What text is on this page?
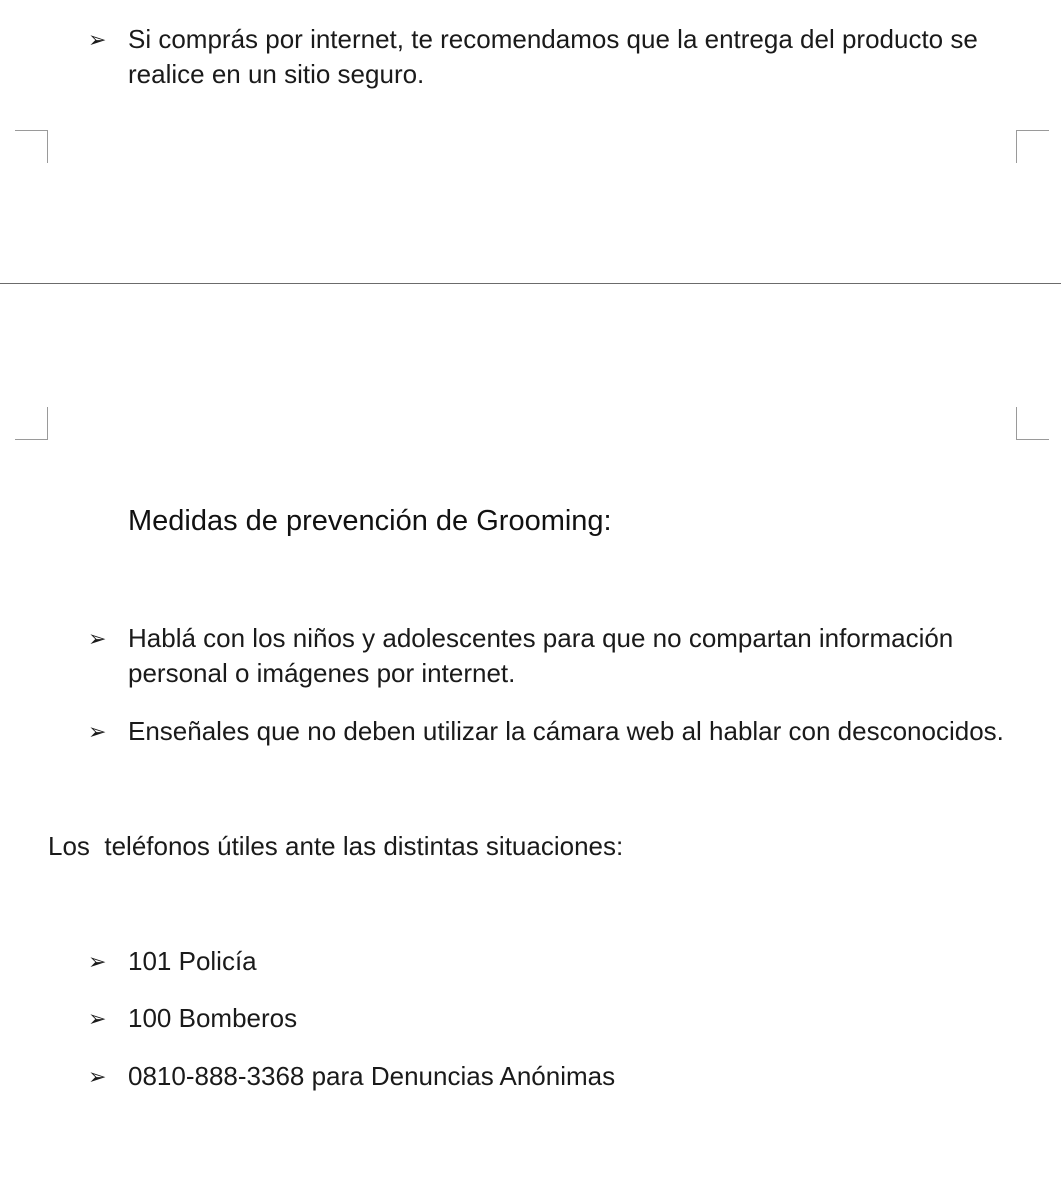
➢ Si comprás por internet, te recomendamos que la entrega del producto se realice en un sitio seguro.
Medidas de prevención de Grooming:
➢ Hablá con los niños y adolescentes para que no compartan información personal o imágenes por internet.
➢ Enseñales que no deben utilizar la cámara web al hablar con desconocidos.
Los  teléfonos útiles ante las distintas situaciones:
➢ 101 Policía
➢ 100 Bomberos
➢ 0810-888-3368 para Denuncias Anónimas
